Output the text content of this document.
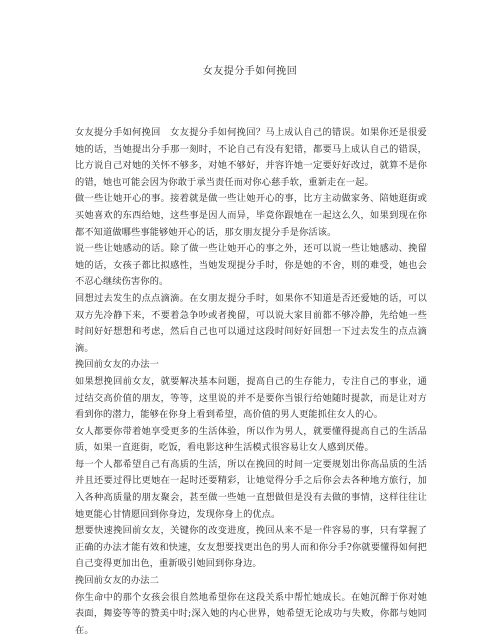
女友提分手如何挽回

女友提分手如何挽回　女友提分手如何挽回？马上成认自己的错误。如果你还是很爱她的话，当她提出分手那一刻时，不论自己有没有犯错，都要马上成认自己的错误，比方说自己对她的关怀不够多，对她不够好，并容许她一定要好好改过，就算不是你的错，她也可能会因为你敢于承当责任而对你心慈手软，重新走在一起。

做一些让她开心的事。接着就是做一些让她开心的事，比方主动做家务、陪她逛街或买她喜欢的东西给她，这些事是因人而异，毕竟你跟她在一起这么久，如果到现在你都不知道做哪些事能够她开心的话，那女朋友提分手是你活该。

说一些让她感动的话。除了做一些让她开心的事之外，还可以说一些让她感动、挽留她的话，女孩子都比拟感性，当她发现提分手时，你是她的不舍，则的难受，她也会不忍心继续伤害你的。

回想过去发生的点点滴滴。在女朋友提分手时，如果你不知道是否还爱她的话，可以双方先冷静下来，不要着急争吵或者挽留，可以说大家目前都不够冷静，先给她一些时间好好想想和考虑，然后自己也可以通过这段时间好好回想一下过去发生的点点滴滴。

挽回前女友的办法一

如果想挽回前女友，就要解决基本问题，提高自己的生存能力，专注自己的事业，通过结交高价值的朋友，等等，这里说的并不是要你当银行给她随时提款，而是让对方看到你的潜力，能够在你身上看到希望，高价值的男人更能抓住女人的心。

女人都要你带着她享受更多的生活体验，所以作为男人，就要懂得提高自己的生活品质，如果一直逛街，吃饭，看电影这种生活模式很容易让女人感到厌倦。

每一个人都希望自己有高质的生活，所以在挽回的时间一定要规划出你高品质的生活并且还要过得比更她在一起时还要精彩，让她觉得分手之后你会去各种地方旅行，加入各种高质量的朋友聚会，甚至做一些她一直想做但是没有去做的事情，这样往往让她更能心甘情愿回到你身边，发现你身上的优点。

想要快速挽回前女友，关键你的改变进度，挽回从来不是一件容易的事，只有掌握了正确的办法才能有效和快速，女友想要找更出色的男人而和你分手?你就要懂得如何把自己变得更加出色，重新吸引她回到你身边。

挽回前女友的办法二

你生命中的那个女孩会很自然地希望你在这段关系中帮忙她成长。在她沉醉于你对她表面，舞姿等等的赞美中时;深入她的内心世界，她希望无论成功与失败，你都与她同在。
